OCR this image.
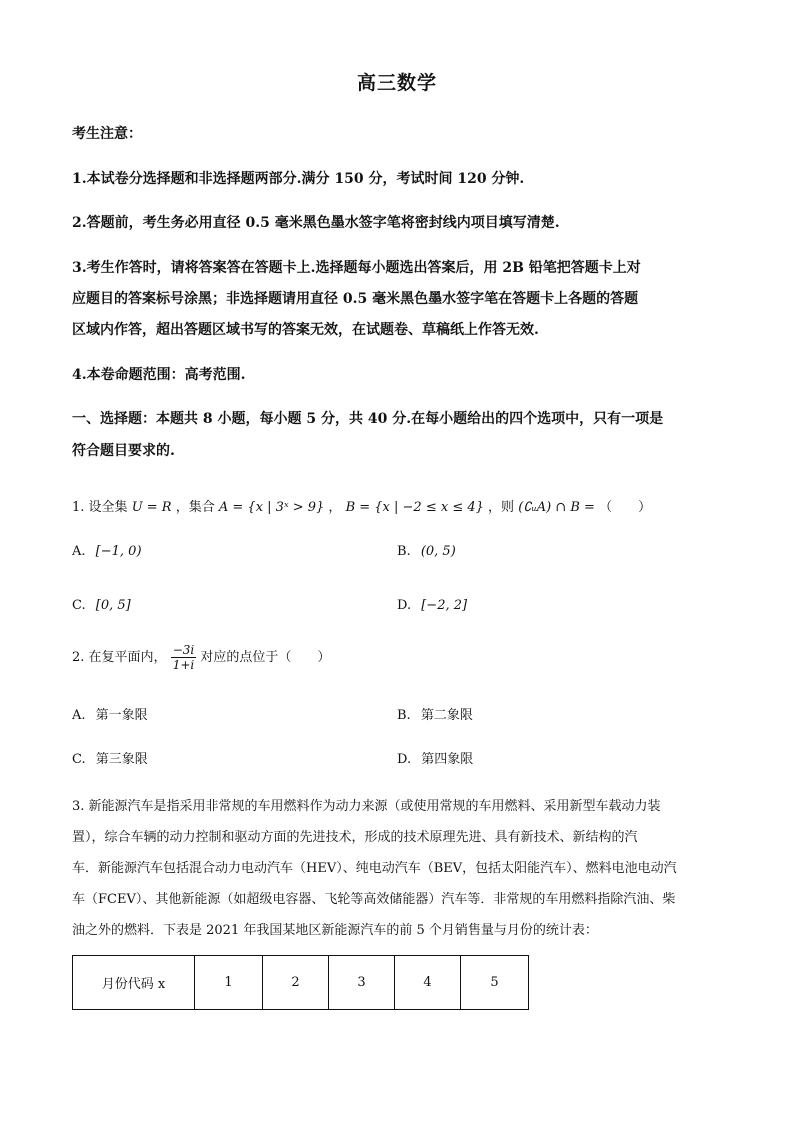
高三数学
考生注意：
1.本试卷分选择题和非选择题两部分.满分 150 分，考试时间 120 分钟.
2.答题前，考生务必用直径 0.5 毫米黑色墨水签字笔将密封线内项目填写清楚.
3.考生作答时，请将答案答在答题卡上.选择题每小题选出答案后，用 2B 铅笔把答题卡上对
应题目的答案标号涂黑；非选择题请用直径 0.5 毫米黑色墨水签字笔在答题卡上各题的答题
区域内作答，超出答题区域书写的答案无效，在试题卷、草稿纸上作答无效.
4.本卷命题范围：高考范围.
一、选择题：本题共 8 小题，每小题 5 分，共 40 分.在每小题给出的四个选项中，只有一项是
符合题目要求的.
1. 设全集 U = R ，集合 A = {x | 3ˣ > 9} ， B = {x | −2 ≤ x ≤ 4} ，则 (∁ᵤA) ∩ B = （　　）
A. [−1, 0)	B. (0, 5)
C. [0, 5]	D. [−2, 2]
2. 在复平面内， $\frac{-3i}{1+i}$ 对应的点位于（　　）
A. 第一象限	B. 第二象限
C. 第三象限	D. 第四象限
3. 新能源汽车是指采用非常规的车用燃料作为动力来源（或使用常规的车用燃料、采用新型车载动力装
置），综合车辆的动力控制和驱动方面的先进技术，形成的技术原理先进、具有新技术、新结构的汽
车．新能源汽车包括混合动力电动汽车（HEV）、纯电动汽车（BEV，包括太阳能汽车）、燃料电池电动汽
车（FCEV）、其他新能源（如超级电容器、飞轮等高效储能器）汽车等．非常规的车用燃料指除汽油、柴
油之外的燃料．下表是 2021 年我国某地区新能源汽车的前 5 个月销售量与月份的统计表：
月份代码 x	1	2	3	4	5
